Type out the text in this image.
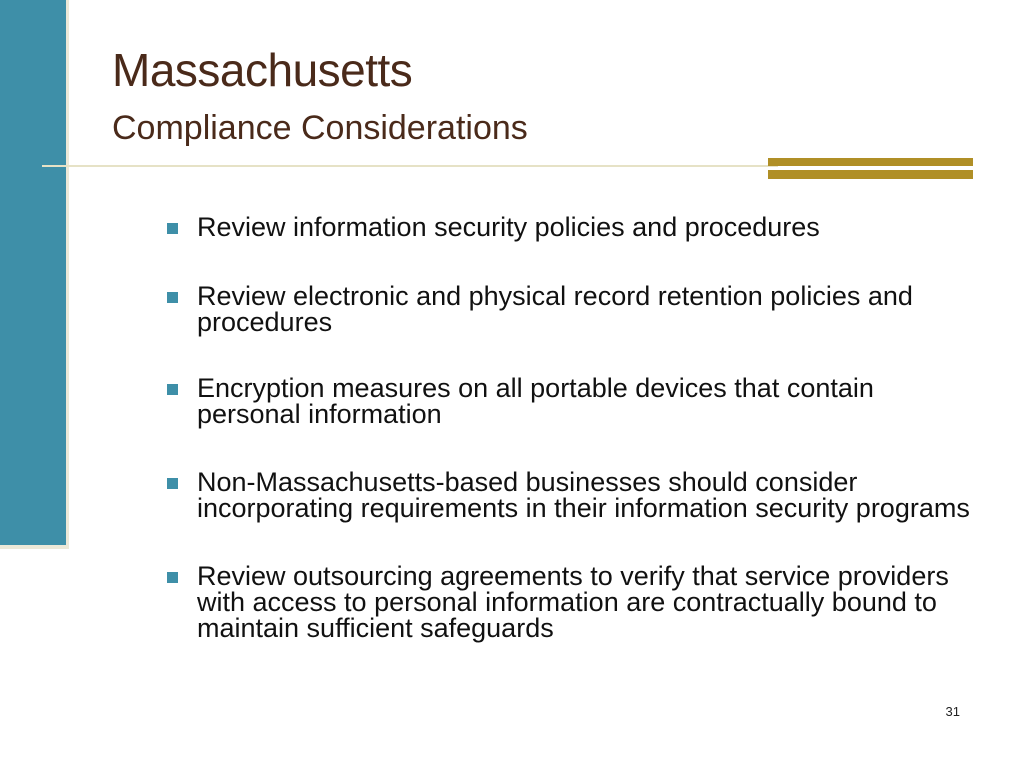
Massachusetts
Compliance Considerations
Review information security policies and procedures
Review electronic and physical record retention policies and procedures
Encryption measures on all portable devices that contain personal information
Non-Massachusetts-based businesses should consider incorporating requirements in their information security programs
Review outsourcing agreements to verify that service providers with access to personal information are contractually bound to maintain sufficient safeguards
31
